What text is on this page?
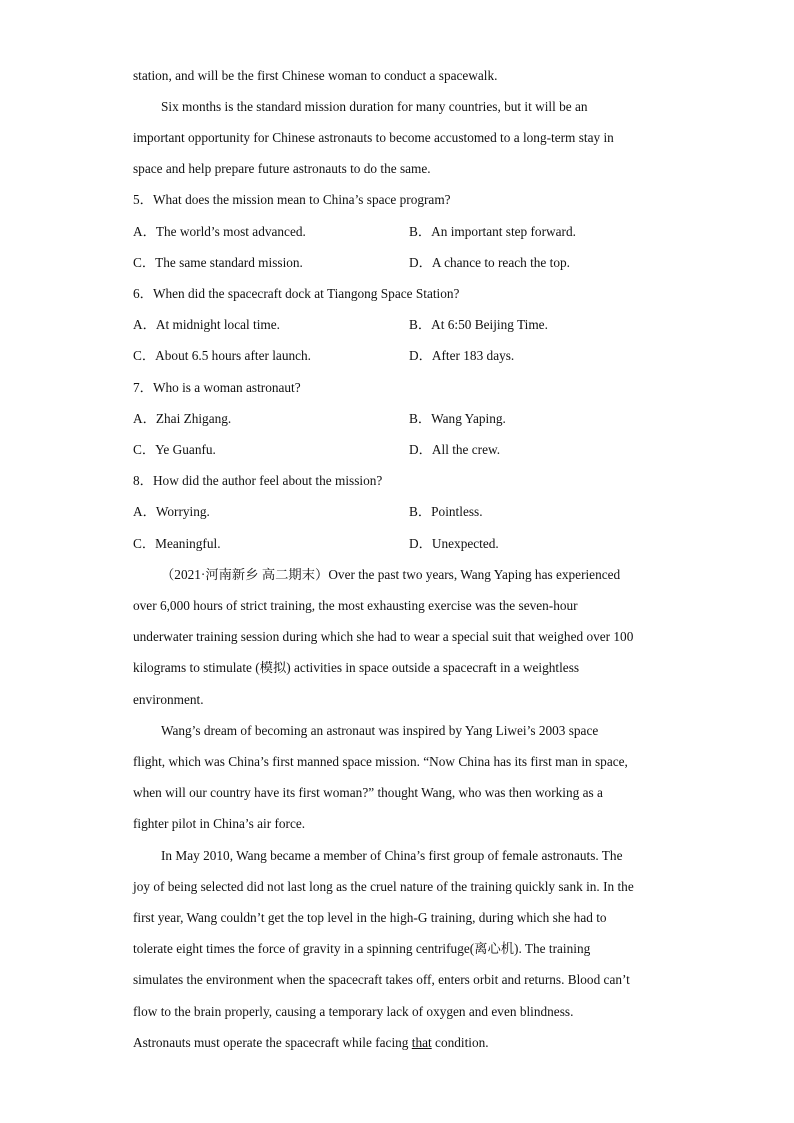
station, and will be the first Chinese woman to conduct a spacewalk.
Six months is the standard mission duration for many countries, but it will be an
important opportunity for Chinese astronauts to become accustomed to a long-term stay in
space and help prepare future astronauts to do the same.
5．What does the mission mean to China’s space program?
A．The world’s most advanced.	B．An important step forward.
C．The same standard mission.	D．A chance to reach the top.
6．When did the spacecraft dock at Tiangong Space Station?
A．At midnight local time.	B．At 6:50 Beijing Time.
C．About 6.5 hours after launch.	D．After 183 days.
7．Who is a woman astronaut?
A．Zhai Zhigang.	B．Wang Yaping.
C．Ye Guanfu.	D．All the crew.
8．How did the author feel about the mission?
A．Worrying.	B．Pointless.
C．Meaningful.	D．Unexpected.
（2021·河南新乡 高二期末）Over the past two years, Wang Yaping has experienced
over 6,000 hours of strict training, the most exhausting exercise was the seven-hour
underwater training session during which she had to wear a special suit that weighed over 100
kilograms to stimulate (模拟) activities in space outside a spacecraft in a weightless
environment.
Wang’s dream of becoming an astronaut was inspired by Yang Liwei’s 2003 space
flight, which was China’s first manned space mission. “Now China has its first man in space,
when will our country have its first woman?” thought Wang, who was then working as a
fighter pilot in China’s air force.
In May 2010, Wang became a member of China’s first group of female astronauts. The
joy of being selected did not last long as the cruel nature of the training quickly sank in. In the
first year, Wang couldn’t get the top level in the high-G training, during which she had to
tolerate eight times the force of gravity in a spinning centrifuge(离心机). The training
simulates the environment when the spacecraft takes off, enters orbit and returns. Blood can’t
flow to the brain properly, causing a temporary lack of oxygen and even blindness.
Astronauts must operate the spacecraft while facing that condition.
